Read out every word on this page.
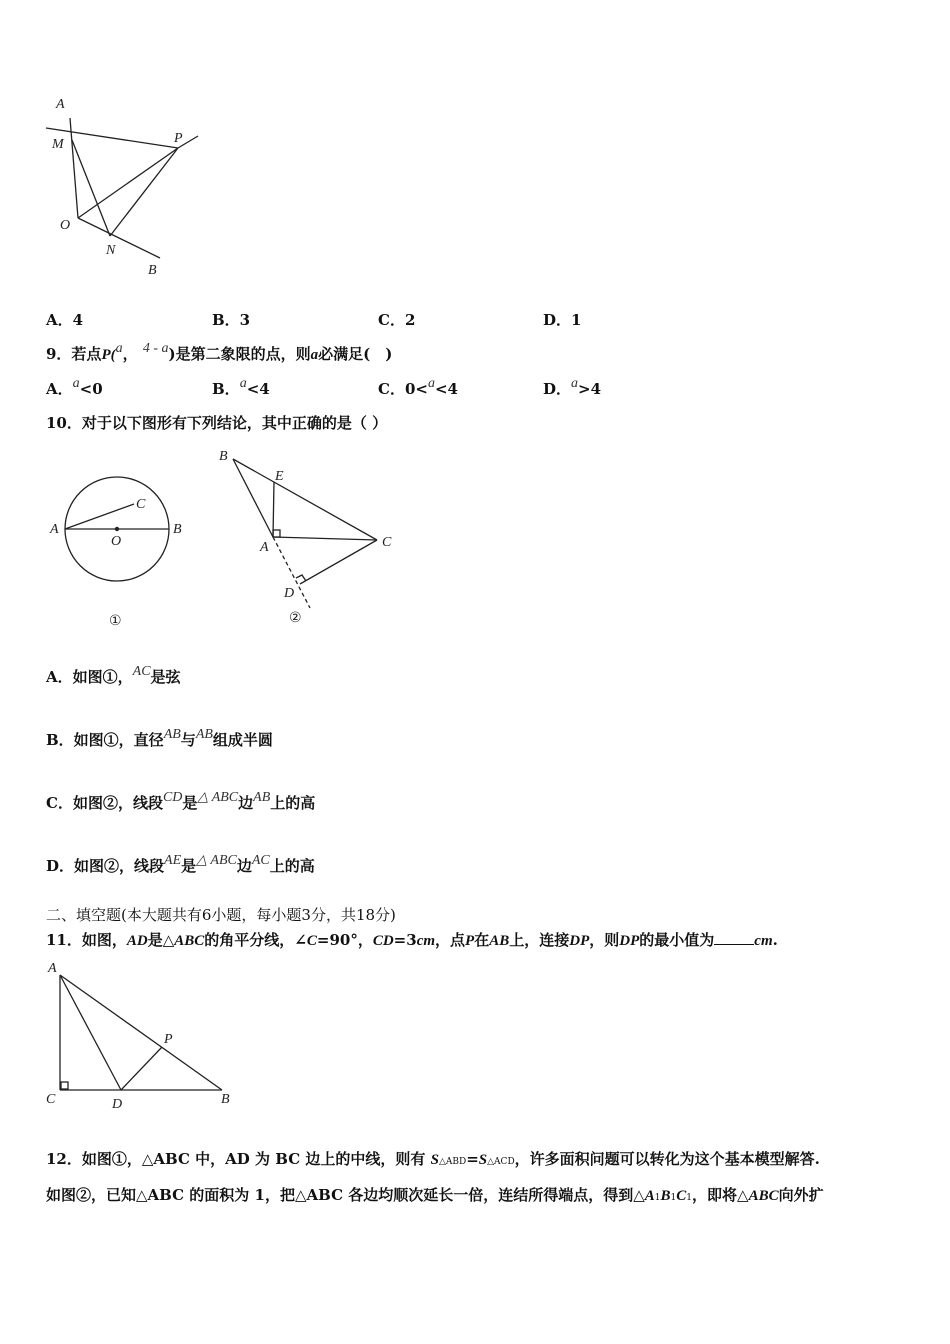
A
M	P
O
N
B
A．4	B．3	C．2	D．1
9．若点P(a， 4 - a)是第二象限的点，则a必满足(　)
A．a<0	B．a<4	C．0<a<4	D．a>4
10．对于以下图形有下列结论，其中正确的是（ ）
A	B
C
O
①
B
E
A	C
D
②
A．如图①，AC是弦
B．如图①，直径AB与AB组成半圆
C．如图②，线段CD是△ ABC边AB上的高
D．如图②，线段AE是△ ABC边AC上的高
二、填空题(本大题共有6小题，每小题3分，共18分)
11．如图，AD是△ABC的角平分线，∠C=90°，CD=3cm，点P在AB上，连接DP，则DP的最小值为	cm.
A
P
C	D	B
12．如图①，△ABC 中，AD 为 BC 边上的中线，则有 S△ABD=S△ACD，许多面积问题可以转化为这个基本模型解答.
如图②，已知△ABC 的面积为 1，把△ABC 各边均顺次延长一倍，连结所得端点，得到△A1B1C1，即将△ABC向外扩
